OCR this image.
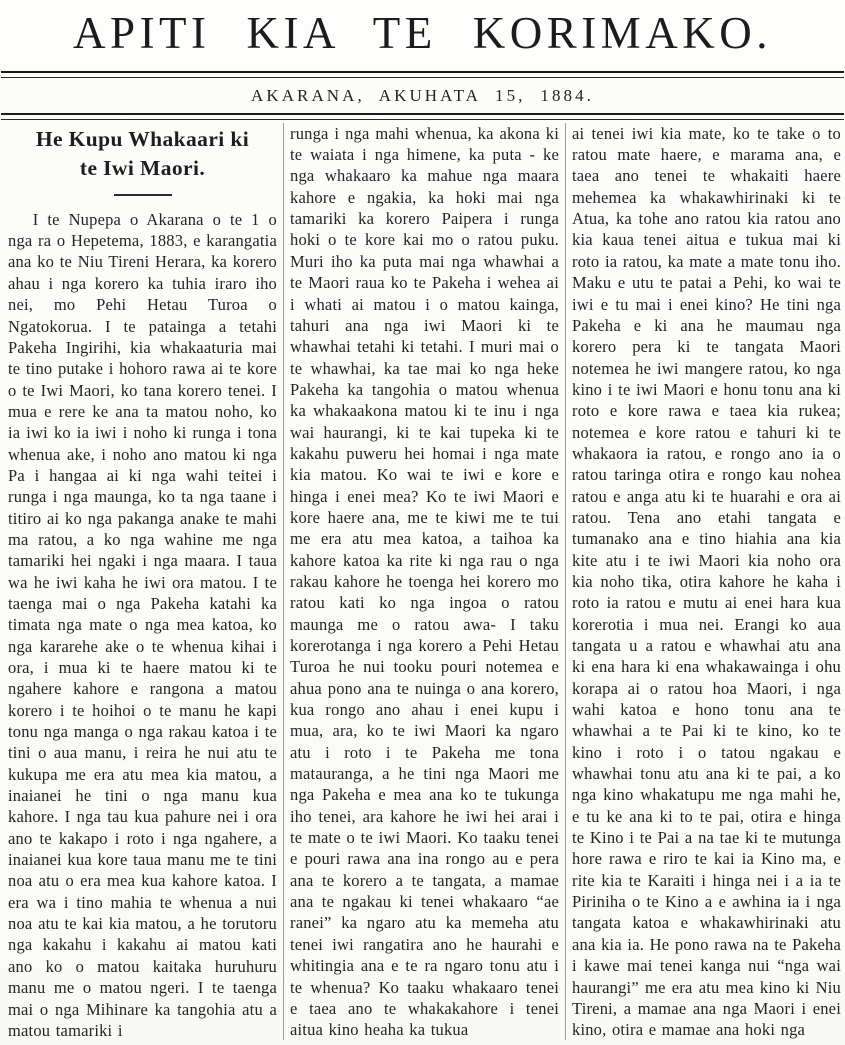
APITI KIA TE KORIMAKO.
AKARANA, AKUHATA 15, 1884.
He Kupu Whakaari ki
te Iwi Maori.

I te Nupepa o Akarana o te 1 o nga ra o Hepetema, 1883, e karangatia ana ko te Niu Tireni Herara, ka korero ahau i nga korero ka tuhia iraro iho nei, mo Pehi Hetau Turoa o Ngatokorua. I te patainga a tetahi Pakeha Ingirihi, kia whakaaturia mai te tino putake i hohoro rawa ai te kore o te Iwi Maori, ko tana korero tenei. I mua e rere ke ana ta matou noho, ko ia iwi ko ia iwi i noho ki runga i tona whenua ake, i noho ano matou ki nga Pa i hangaa ai ki nga wahi teitei i runga i nga maunga, ko ta nga taane i titiro ai ko nga pakanga anake te mahi ma ratou, a ko nga wahine me nga tamariki hei ngaki i nga maara. I taua wa he iwi kaha he iwi ora matou. I te taenga mai o nga Pakeha katahi ka timata nga mate o nga mea katoa, ko nga kararehe ake o te whenua kihai i ora, i mua ki te haere matou ki te ngahere kahore e rangona a matou korero i te hoihoi o te manu he kapi tonu nga manga o nga rakau katoa i te tini o aua manu, i reira he nui atu te kukupa me era atu mea kia matou, a inaianei he tini o nga manu kua kahore. I nga tau kua pahure nei i ora ano te kakapo i roto i nga ngahere, a inaianei kua kore taua manu me te tini noa atu o era mea kua kahore katoa. I era wa i tino mahia te whenua a nui noa atu te kai kia matou, a he torutoru nga kakahu i kakahu ai matou kati ano ko o matou kaitaka huruhuru manu me o matou ngeri. I te taenga mai o nga Mihinare ka tangohia atu a matou tamariki i

runga i nga mahi whenua, ka akona ki te waiata i nga himene, ka puta - ke nga whakaaro ka mahue nga maara kahore e ngakia, ka hoki mai nga tamariki ka korero Paipera i runga hoki o te kore kai mo o ratou puku. Muri iho ka puta mai nga whawhai a te Maori raua ko te Pakeha i wehea ai i whati ai matou i o matou kainga, tahuri ana nga iwi Maori ki te whawhai tetahi ki tetahi. I muri mai o te whawhai, ka tae mai ko nga heke Pakeha ka tangohia o matou whenua ka whakaakona matou ki te inu i nga wai haurangi, ki te kai tupeka ki te kakahu puweru hei homai i nga mate kia matou. Ko wai te iwi e kore e hinga i enei mea? Ko te iwi Maori e kore haere ana, me te kiwi me te tui me era atu mea katoa, a taihoa ka kahore katoa ka rite ki nga rau o nga rakau kahore he toenga hei korero mo ratou kati ko nga ingoa o ratou maunga me o ratou awa- I taku korerotanga i nga korero a Pehi Hetau Turoa he nui tooku pouri notemea e ahua pono ana te nuinga o ana korero, kua rongo ano ahau i enei kupu i mua, ara, ko te iwi Maori ka ngaro atu i roto i te Pakeha me tona matauranga, a he tini nga Maori me nga Pakeha e mea ana ko te tukunga iho tenei, ara kahore he iwi hei arai i te mate o te iwi Maori. Ko taaku tenei e pouri rawa ana ina rongo au e pera ana te korero a te tangata, a mamae ana te ngakau ki tenei whakaaro “ae ranei” ka ngaro atu ka memeha atu tenei iwi rangatira ano he haurahi e whitingia ana e te ra ngaro tonu atu i te whenua? Ko taaku whakaaro tenei e taea ano te whakakahore i tenei aitua kino heaha ka tukua

ai tenei iwi kia mate, ko te take o to ratou mate haere, e marama ana, e taea ano tenei te whakaiti haere mehemea ka whakawhirinaki ki te Atua, ka tohe ano ratou kia ratou ano kia kaua tenei aitua e tukua mai ki roto ia ratou, ka mate a mate tonu iho. Maku e utu te patai a Pehi, ko wai te iwi e tu mai i enei kino? He tini nga Pakeha e ki ana he maumau nga korero pera ki te tangata Maori notemea he iwi mangere ratou, ko nga kino i te iwi Maori e honu tonu ana ki roto e kore rawa e taea kia rukea; notemea e kore ratou e tahuri ki te whakaora ia ratou, e rongo ano ia o ratou taringa otira e rongo kau nohea ratou e anga atu ki te huarahi e ora ai ratou. Tena ano etahi tangata e tumanako ana e tino hiahia ana kia kite atu i te iwi Maori kia noho ora kia noho tika, otira kahore he kaha i roto ia ratou e mutu ai enei hara kua korerotia i mua nei. Erangi ko aua tangata u a ratou e whawhai atu ana ki ena hara ki ena whakawainga i ohu korapa ai o ratou hoa Maori, i nga wahi katoa e hono tonu ana te whawhai a te Pai ki te kino, ko te kino i roto i o tatou ngakau e whawhai tonu atu ana ki te pai, a ko nga kino whakatupu me nga mahi he, e tu ke ana ki to te pai, otira e hinga te Kino i te Pai a na tae ki te mutunga hore rawa e riro te kai ia Kino ma, e rite kia te Karaiti i hinga nei i a ia te Piriniha o te Kino a e awhina ia i nga tangata katoa e whakawhirinaki atu ana kia ia. He pono rawa na te Pakeha i kawe mai tenei kanga nui “nga wai haurangi” me era atu mea kino ki Niu Tireni, a mamae ana nga Maori i enei kino, otira e mamae ana hoki nga
